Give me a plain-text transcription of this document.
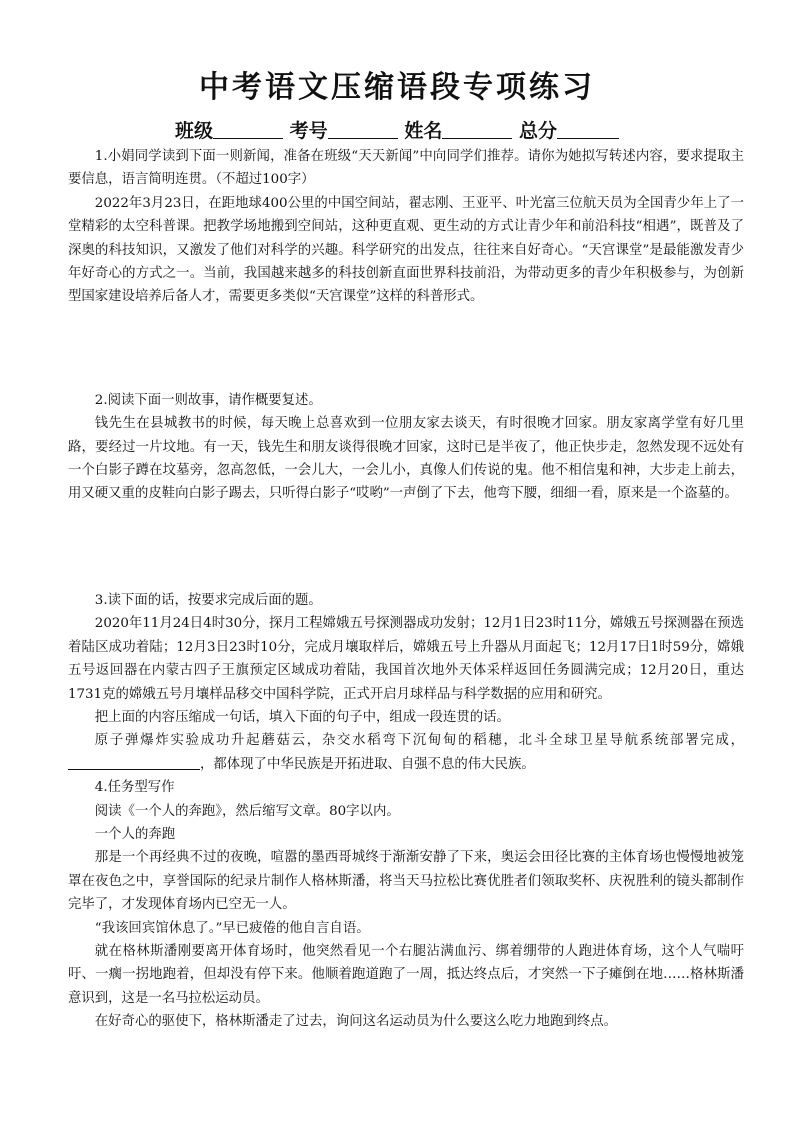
中考语文压缩语段专项练习
班级	考号	姓名	总分

1.小娟同学读到下面一则新闻，准备在班级“天天新闻”中向同学们推荐。请你为她拟写转述内容，要求提取主要信息，语言简明连贯。（不超过100字）

2022年3月23日，在距地球400公里的中国空间站，翟志刚、王亚平、叶光富三位航天员为全国青少年上了一堂精彩的太空科普课。把教学场地搬到空间站，这种更直观、更生动的方式让青少年和前沿科技“相遇”，既普及了深奥的科技知识，又激发了他们对科学的兴趣。科学研究的出发点，往往来自好奇心。“天宫课堂”是最能激发青少年好奇心的方式之一。当前，我国越来越多的科技创新直面世界科技前沿，为带动更多的青少年积极参与，为创新型国家建设培养后备人才，需要更多类似“天宫课堂”这样的科普形式。

2.阅读下面一则故事，请作概要复述。

钱先生在县城教书的时候，每天晚上总喜欢到一位朋友家去谈天，有时很晚才回家。朋友家离学堂有好几里路，要经过一片坟地。有一天，钱先生和朋友谈得很晚才回家，这时已是半夜了，他正快步走，忽然发现不远处有一个白影子蹲在坟墓旁，忽高忽低，一会儿大，一会儿小，真像人们传说的鬼。他不相信鬼和神，大步走上前去，用又硬又重的皮鞋向白影子踢去，只听得白影子“哎哟”一声倒了下去，他弯下腰，细细一看，原来是一个盗墓的。

3.读下面的话，按要求完成后面的题。

2020年11月24日4时30分，探月工程嫦娥五号探测器成功发射；12月1日23时11分，嫦娥五号探测器在预选着陆区成功着陆；12月3日23时10分，完成月壤取样后，嫦娥五号上升器从月面起飞；12月17日1时59分，嫦娥五号返回器在内蒙古四子王旗预定区域成功着陆，我国首次地外天体采样返回任务圆满完成；12月20日，重达1731克的嫦娥五号月壤样品移交中国科学院，正式开启月球样品与科学数据的应用和研究。

把上面的内容压缩成一句话，填入下面的句子中，组成一段连贯的话。

原子弹爆炸实验成功升起蘑菇云，杂交水稻弯下沉甸甸的稻穗，北斗全球卫星导航系统部署完成，，都体现了中华民族是开拓进取、自强不息的伟大民族。

4.任务型写作

阅读《一个人的奔跑》，然后缩写文章。80字以内。

一个人的奔跑

那是一个再经典不过的夜晚，喧嚣的墨西哥城终于渐渐安静了下来，奥运会田径比赛的主体育场也慢慢地被笼罩在夜色之中，享誉国际的纪录片制作人格林斯潘，将当天马拉松比赛优胜者们领取奖杯、庆祝胜利的镜头都制作完毕了，才发现体育场内已空无一人。

“我该回宾馆休息了。”早已疲倦的他自言自语。

就在格林斯潘刚要离开体育场时，他突然看见一个右腿沾满血污、绑着绷带的人跑进体育场，这个人气喘吁吁、一瘸一拐地跑着，但却没有停下来。他顺着跑道跑了一周，抵达终点后，才突然一下子瘫倒在地……格林斯潘意识到，这是一名马拉松运动员。

在好奇心的驱使下，格林斯潘走了过去，询问这名运动员为什么要这么吃力地跑到终点。
